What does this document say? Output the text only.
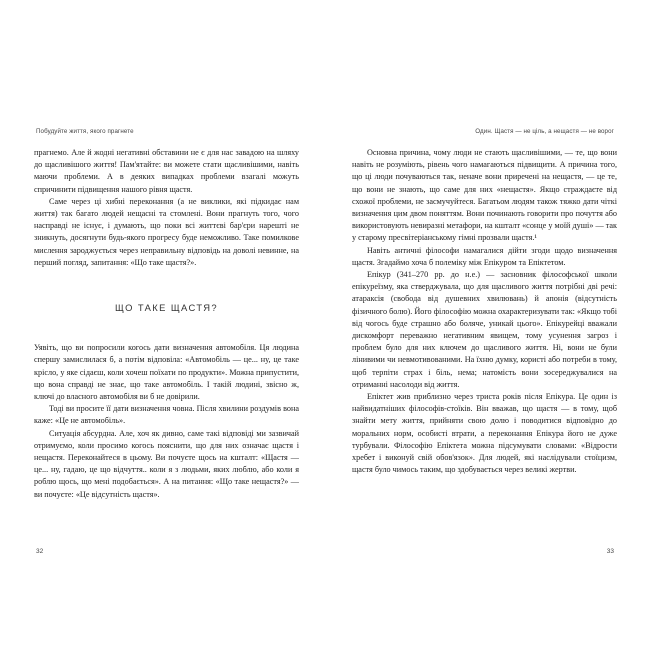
Побудуйте життя, якого прагнете	Один. Щастя — не ціль, а нещастя — не ворог

прагнемо. Але й жодні негативні обставини не є для нас завадою на шляху до щасливішого життя! Пам'ятайте: ви можете стати щасливішими, навіть маючи проблеми. А в деяких випадках проблеми взагалі можуть спричинити підвищення нашого рівня щастя.

Саме через ці хибні переконання (а не виклики, які підкидає нам життя) так багато людей нещасні та стомлені. Вони прагнуть того, чого насправді не існує, і думають, що поки всі життєві бар'єри нарешті не зникнуть, досягнути будь-якого прогресу буде неможливо. Таке помилкове мислення зароджується через неправильну відповідь на доволі невинне, на перший погляд, запитання: «Що таке щастя?».

ЩО ТАКЕ ЩАСТЯ?

Уявіть, що ви попросили когось дати визначення автомобіля. Ця людина спершу замислилася б, а потім відповіла: «Автомобіль — це... ну, це таке крісло, у яке сідаєш, коли хочеш поїхати по продукти». Можна припустити, що вона справді не знає, що таке автомобіль. І такій людині, звісно ж, ключі до власного автомобіля ви б не довірили.

Тоді ви просите її дати визначення човна. Після хвилини роздумів вона каже: «Це не автомобіль».

Ситуація абсурдна. Але, хоч як дивно, саме такі відповіді ми зазвичай отримуємо, коли просимо когось пояснити, що для них означає щастя і нещастя. Переконайтеся в цьому. Ви почуєте щось на кшталт: «Щастя — це... ну, гадаю, це що відчуття.. коли я з людьми, яких люблю, або коли я роблю щось, що мені подобається». А на питання: «Що таке нещастя?» — ви почуєте: «Це відсутність щастя».

Основна причина, чому люди не стають щасливішими, — те, що вони навіть не розуміють, рівень чого намагаються підвищити. А причина того, що ці люди почуваються так, неначе вони приречені на нещастя, — це те, що вони не знають, що саме для них «нещастя». Якщо страждаєте від схожої проблеми, не засмучуйтеся. Багатьом людям також тяжко дати чіткі визначення цим двом поняттям. Вони починають говорити про почуття або використовують невиразні метафори, на кшталт «сонце у моїй душі» — так у старому пресвітеріанському гімні прозвали щастя.¹

Навіть античні філософи намагалися дійти згоди щодо визначення щастя. Згадаймо хоча б полеміку між Епікуром та Епіктетом.

Епікур (341–270 рр. до н.е.) — засновник філософської школи епікуреїзму, яка стверджувала, що для щасливого життя потрібні дві речі: атараксія (свобода від душевних хвилювань) й апонія (відсутність фізичного болю). Його філософію можна охарактеризувати так: «Якщо тобі від чогось буде страшно або боляче, уникай цього». Епікурейці вважали дискомфорт переважно негативним явищем, тому усунення загроз і проблем було для них ключем до щасливого життя. Ні, вони не були лінивими чи невмотивованими. На їхню думку, користі або потреби в тому, щоб терпіти страх і біль, нема; натомість вони зосереджувалися на отриманні насолоди від життя.

Епіктет жив приблизно через триста років після Епікура. Це один із найвидатніших філософів-стоїків. Він вважав, що щастя — в тому, щоб знайти мету життя, прийняти свою долю і поводитися відповідно до моральних норм, особисті втрати, а переконання Епікура його не дуже турбували. Філософію Епіктета можна підсумувати словами: «Відрости хребет і виконуй свій обов'язок». Для людей, які наслідували стоїцизм, щастя було чимось таким, що здобувається через великі жертви.

32	33
